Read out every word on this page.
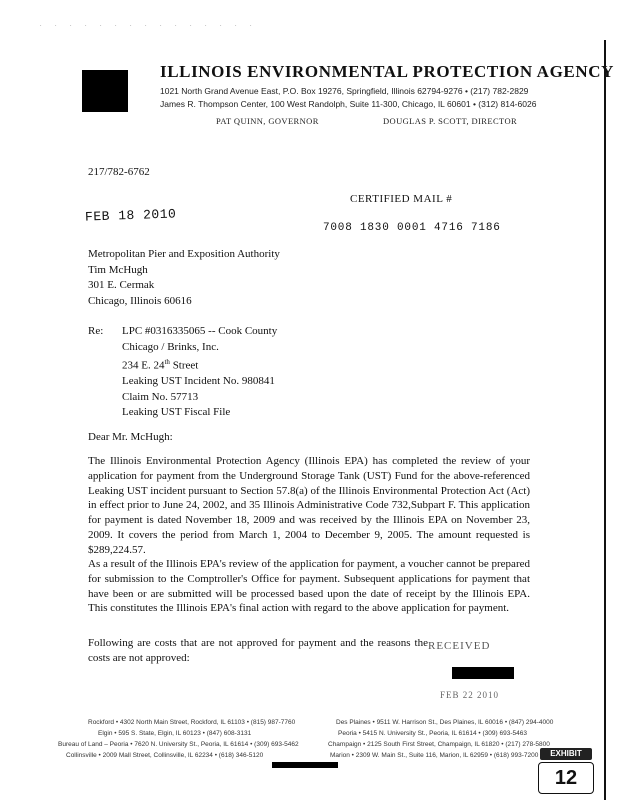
. . . . . . . . . . . . . . .
ILLINOIS ENVIRONMENTAL PROTECTION AGENCY
1021 North Grand Avenue East, P.O. Box 19276, Springfield, Illinois 62794-9276 • (217) 782-2829
James R. Thompson Center, 100 West Randolph, Suite 11-300, Chicago, IL 60601 • (312) 814-6026
PAT QUINN, GOVERNOR	DOUGLAS P. SCOTT, DIRECTOR
217/782-6762
FEB 18 2010
CERTIFIED MAIL #
7008 1830 0001 4716 7186
Metropolitan Pier and Exposition Authority
Tim McHugh
301 E. Cermak
Chicago, Illinois 60616
Re: LPC #0316335065 -- Cook County
Chicago / Brinks, Inc.
234 E. 24th Street
Leaking UST Incident No. 980841
Claim No. 57713
Leaking UST Fiscal File
Dear Mr. McHugh:
The Illinois Environmental Protection Agency (Illinois EPA) has completed the review of your application for payment from the Underground Storage Tank (UST) Fund for the above-referenced Leaking UST incident pursuant to Section 57.8(a) of the Illinois Environmental Protection Act (Act) in effect prior to June 24, 2002, and 35 Illinois Administrative Code 732,Subpart F. This application for payment is dated November 18, 2009 and was received by the Illinois EPA on November 23, 2009. It covers the period from March 1, 2004 to December 9, 2005. The amount requested is $289,224.57.
As a result of the Illinois EPA's review of the application for payment, a voucher cannot be prepared for submission to the Comptroller's Office for payment. Subsequent applications for payment that have been or are submitted will be processed based upon the date of receipt by the Illinois EPA. This constitutes the Illinois EPA's final action with regard to the above application for payment.
Following are costs that are not approved for payment and the reasons the costs are not approved:
RECEIVED
FEB 22 2010
Rockford • 4302 North Main Street, Rockford, IL 61103 • (815) 987-7760
Elgin • 595 S. State, Elgin, IL 60123 • (847) 608-3131
Bureau of Land – Peoria • 7620 N. University St., Peoria, IL 61614 • (309) 693-5462
Collinsville • 2009 Mall Street, Collinsville, IL 62234 • (618) 346-5120
Des Plaines • 9511 W. Harrison St., Des Plaines, IL 60016 • (847) 294-4000
Peoria • 5415 N. University St., Peoria, IL 61614 • (309) 693-5463
Champaign • 2125 South First Street, Champaign, IL 61820 • (217) 278-5800
Marion • 2309 W. Main St., Suite 116, Marion, IL 62959 • (618) 993-7200	EXHIBIT
12
